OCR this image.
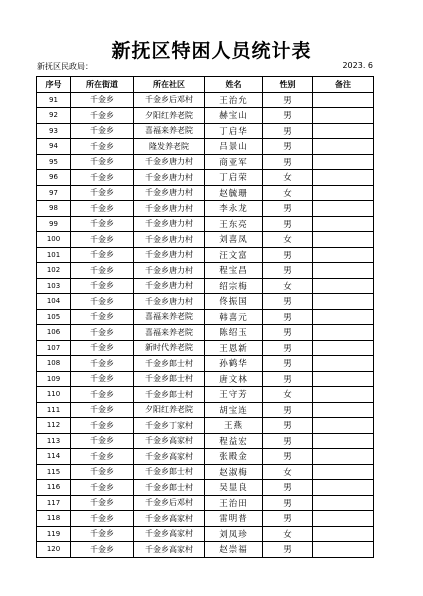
新抚区特困人员统计表
新抚区民政局：	2023. 6
序号	所在街道	所在社区	姓名	性别	备注
91	千金乡	千金乡后邓村	王治允	男	
92	千金乡	夕阳红养老院	赫宝山	男	
93	千金乡	喜福来养老院	丁启华	男	
94	千金乡	隆发养老院	吕景山	男	
95	千金乡	千金乡唐力村	商亚军	男	
96	千金乡	千金乡唐力村	丁启荣	女	
97	千金乡	千金乡唐力村	赵毓珊	女	
98	千金乡	千金乡唐力村	李永龙	男	
99	千金乡	千金乡唐力村	王东亮	男	
100	千金乡	千金乡唐力村	刘喜凤	女	
101	千金乡	千金乡唐力村	汪文富	男	
102	千金乡	千金乡唐力村	程宝昌	男	
103	千金乡	千金乡唐力村	绍宗梅	女	
104	千金乡	千金乡唐力村	佟振国	男	
105	千金乡	喜福来养老院	韩喜元	男	
106	千金乡	喜福来养老院	陈绍玉	男	
107	千金乡	新时代养老院	王恩新	男	
108	千金乡	千金乡郎士村	孙鹤华	男	
109	千金乡	千金乡郎士村	唐文林	男	
110	千金乡	千金乡郎士村	王守芳	女	
111	千金乡	夕阳红养老院	胡宝连	男	
112	千金乡	千金乡丁家村	王燕	男	
113	千金乡	千金乡高家村	程益宏	男	
114	千金乡	千金乡高家村	张殿金	男	
115	千金乡	千金乡郎士村	赵淑梅	女	
116	千金乡	千金乡郎士村	吴显良	男	
117	千金乡	千金乡后邓村	王治田	男	
118	千金乡	千金乡高家村	雷明普	男	
119	千金乡	千金乡高家村	刘凤珍	女	
120	千金乡	千金乡高家村	赵崇福	男	
